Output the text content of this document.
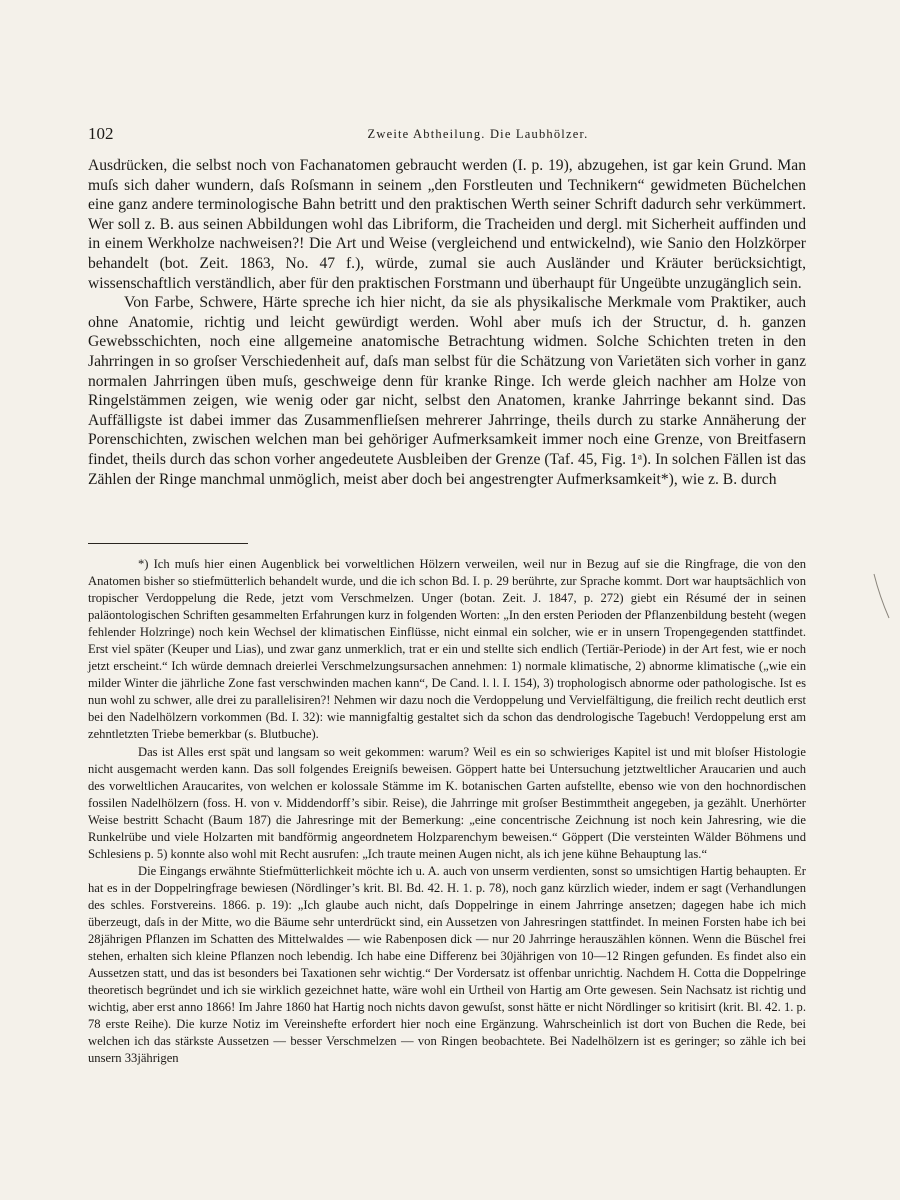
102	Zweite Abtheilung. Die Laubhölzer.

Ausdrücken, die selbst noch von Fachanatomen gebraucht werden (I. p. 19), abzugehen, ist gar kein Grund. Man muſs sich daher wundern, daſs Roſsmann in seinem „den Forstleuten und Technikern“ gewidmeten Büchelchen eine ganz andere terminologische Bahn betritt und den praktischen Werth seiner Schrift dadurch sehr verkümmert. Wer soll z. B. aus seinen Abbildungen wohl das Libriform, die Tracheiden und dergl. mit Sicherheit auffinden und in einem Werkholze nachweisen?! Die Art und Weise (vergleichend und entwickelnd), wie Sanio den Holzkörper behandelt (bot. Zeit. 1863, No. 47 f.), würde, zumal sie auch Ausländer und Kräuter berücksichtigt, wissenschaftlich verständlich, aber für den praktischen Forstmann und überhaupt für Ungeübte unzugänglich sein.

Von Farbe, Schwere, Härte spreche ich hier nicht, da sie als physikalische Merkmale vom Praktiker, auch ohne Anatomie, richtig und leicht gewürdigt werden. Wohl aber muſs ich der Structur, d. h. ganzen Gewebsschichten, noch eine allgemeine anatomische Betrachtung widmen. Solche Schichten treten in den Jahrringen in so groſser Verschiedenheit auf, daſs man selbst für die Schätzung von Varietäten sich vorher in ganz normalen Jahrringen üben muſs, geschweige denn für kranke Ringe. Ich werde gleich nachher am Holze von Ringelstämmen zeigen, wie wenig oder gar nicht, selbst den Anatomen, kranke Jahrringe bekannt sind. Das Auffälligste ist dabei immer das Zusammenflieſsen mehrerer Jahrringe, theils durch zu starke Annäherung der Porenschichten, zwischen welchen man bei gehöriger Aufmerksamkeit immer noch eine Grenze, von Breitfasern findet, theils durch das schon vorher angedeutete Ausbleiben der Grenze (Taf. 45, Fig. 1ᵃ). In solchen Fällen ist das Zählen der Ringe manchmal unmöglich, meist aber doch bei angestrengter Aufmerksamkeit*), wie z. B. durch

*) Ich muſs hier einen Augenblick bei vorweltlichen Hölzern verweilen, weil nur in Bezug auf sie die Ringfrage, die von den Anatomen bisher so stiefmütterlich behandelt wurde, und die ich schon Bd. I. p. 29 berührte, zur Sprache kommt. Dort war hauptsächlich von tropischer Verdoppelung die Rede, jetzt vom Verschmelzen. Unger (botan. Zeit. J. 1847, p. 272) giebt ein Résumé der in seinen paläontologischen Schriften gesammelten Erfahrungen kurz in folgenden Worten: „In den ersten Perioden der Pflanzenbildung besteht (wegen fehlender Holzringe) noch kein Wechsel der klimatischen Einflüsse, nicht einmal ein solcher, wie er in unsern Tropengegenden stattfindet. Erst viel später (Keuper und Lias), und zwar ganz unmerklich, trat er ein und stellte sich endlich (Tertiär-Periode) in der Art fest, wie er noch jetzt erscheint.“ Ich würde demnach dreierlei Verschmelzungsursachen annehmen: 1) normale klimatische, 2) abnorme klimatische („wie ein milder Winter die jährliche Zone fast verschwinden machen kann“, De Cand. l. l. I. 154), 3) trophologisch abnorme oder pathologische. Ist es nun wohl zu schwer, alle drei zu parallelisiren?! Nehmen wir dazu noch die Verdoppelung und Vervielfältigung, die freilich recht deutlich erst bei den Nadelhölzern vorkommen (Bd. I. 32): wie mannigfaltig gestaltet sich da schon das dendrologische Tagebuch! Verdoppelung erst am zehntletzten Triebe bemerkbar (s. Blutbuche).

Das ist Alles erst spät und langsam so weit gekommen: warum? Weil es ein so schwieriges Kapitel ist und mit bloſser Histologie nicht ausgemacht werden kann. Das soll folgendes Ereigniſs beweisen. Göppert hatte bei Untersuchung jetztweltlicher Araucarien und auch des vorweltlichen Araucarites, von welchen er kolossale Stämme im K. botanischen Garten aufstellte, ebenso wie von den hochnordischen fossilen Nadelhölzern (foss. H. von v. Middendorff’s sibir. Reise), die Jahrringe mit groſser Bestimmtheit angegeben, ja gezählt. Unerhörter Weise bestritt Schacht (Baum 187) die Jahresringe mit der Bemerkung: „eine concentrische Zeichnung ist noch kein Jahresring, wie die Runkelrübe und viele Holzarten mit bandförmig angeordnetem Holzparenchym beweisen.“ Göppert (Die versteinten Wälder Böhmens und Schlesiens p. 5) konnte also wohl mit Recht ausrufen: „Ich traute meinen Augen nicht, als ich jene kühne Behauptung las.“

Die Eingangs erwähnte Stiefmütterlichkeit möchte ich u. A. auch von unserm verdienten, sonst so umsichtigen Hartig behaupten. Er hat es in der Doppelringfrage bewiesen (Nördlinger’s krit. Bl. Bd. 42. H. 1. p. 78), noch ganz kürzlich wieder, indem er sagt (Verhandlungen des schles. Forstvereins. 1866. p. 19): „Ich glaube auch nicht, daſs Doppelringe in einem Jahrringe ansetzen; dagegen habe ich mich überzeugt, daſs in der Mitte, wo die Bäume sehr unterdrückt sind, ein Aussetzen von Jahresringen stattfindet. In meinen Forsten habe ich bei 28jährigen Pflanzen im Schatten des Mittelwaldes — wie Rabenposen dick — nur 20 Jahrringe herauszählen können. Wenn die Büschel frei stehen, erhalten sich kleine Pflanzen noch lebendig. Ich habe eine Differenz bei 30jährigen von 10—12 Ringen gefunden. Es findet also ein Aussetzen statt, und das ist besonders bei Taxationen sehr wichtig.“ Der Vordersatz ist offenbar unrichtig. Nachdem H. Cotta die Doppelringe theoretisch begründet und ich sie wirklich gezeichnet hatte, wäre wohl ein Urtheil von Hartig am Orte gewesen. Sein Nachsatz ist richtig und wichtig, aber erst anno 1866! Im Jahre 1860 hat Hartig noch nichts davon gewuſst, sonst hätte er nicht Nördlinger so kritisirt (krit. Bl. 42. 1. p. 78 erste Reihe). Die kurze Notiz im Vereinshefte erfordert hier noch eine Ergänzung. Wahrscheinlich ist dort von Buchen die Rede, bei welchen ich das stärkste Aussetzen — besser Verschmelzen — von Ringen beobachtete. Bei Nadelhölzern ist es geringer; so zähle ich bei unsern 33jährigen
